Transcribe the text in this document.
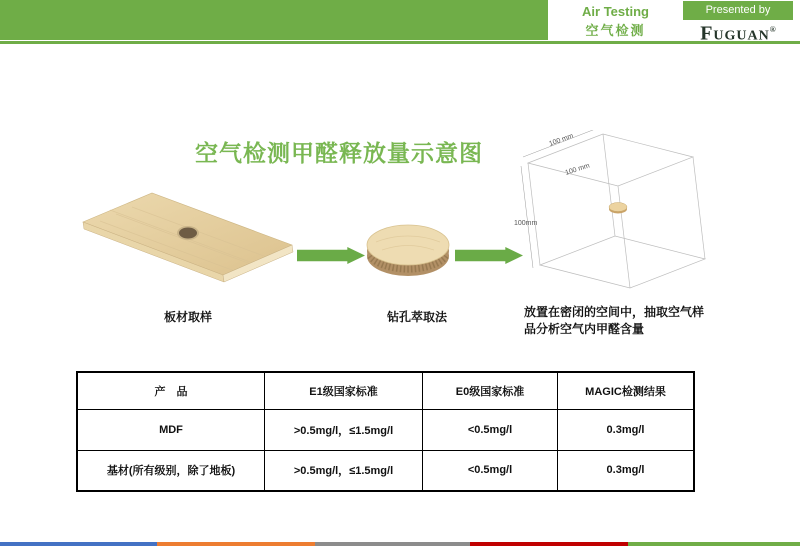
Air Testing
空气检测
Presented by
Fuguan®
空气检测甲醛释放量示意图	100 mm
100 mm
100mm
板材取样	钻孔萃取法	放置在密闭的空间中，抽取空气样
品分析空气内甲醛含量
产　品	E1级国家标准	E0级国家标准	MAGIC检测结果
MDF	>0.5mg/l，≤1.5mg/l	<0.5mg/l	0.3mg/l
基材(所有级别，除了地板)	>0.5mg/l，≤1.5mg/l	<0.5mg/l	0.3mg/l
